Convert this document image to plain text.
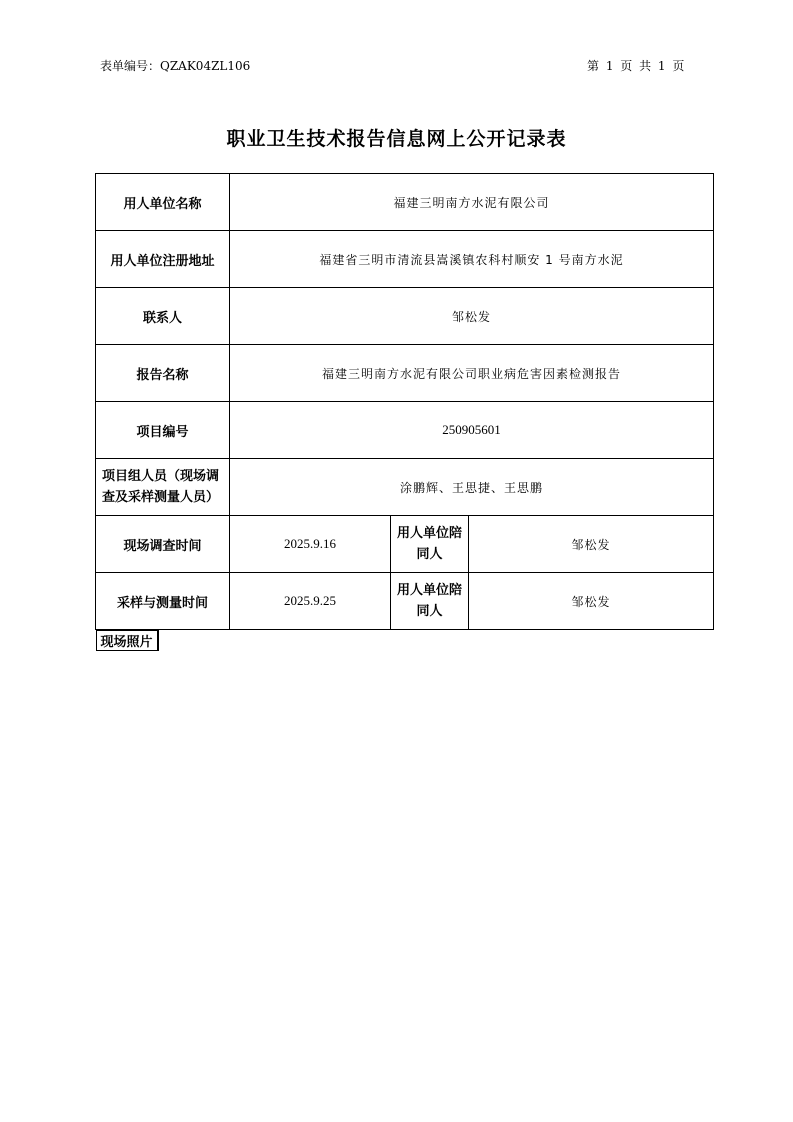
表单编号：QZAK04ZL106	第 1 页 共 1 页
职业卫生技术报告信息网上公开记录表
用人单位名称	福建三明南方水泥有限公司
用人单位注册地址	福建省三明市清流县嵩溪镇农科村顺安 1 号南方水泥
联系人	邹松发
报告名称	福建三明南方水泥有限公司职业病危害因素检测报告
项目编号	250905601
项目组人员（现场调查及采样测量人员）	涂鹏辉、王思捷、王思鹏
现场调查时间	2025.9.16	用人单位陪同人	邹松发
采样与测量时间	2025.9.25	用人单位陪同人	邹松发

现场照片	
